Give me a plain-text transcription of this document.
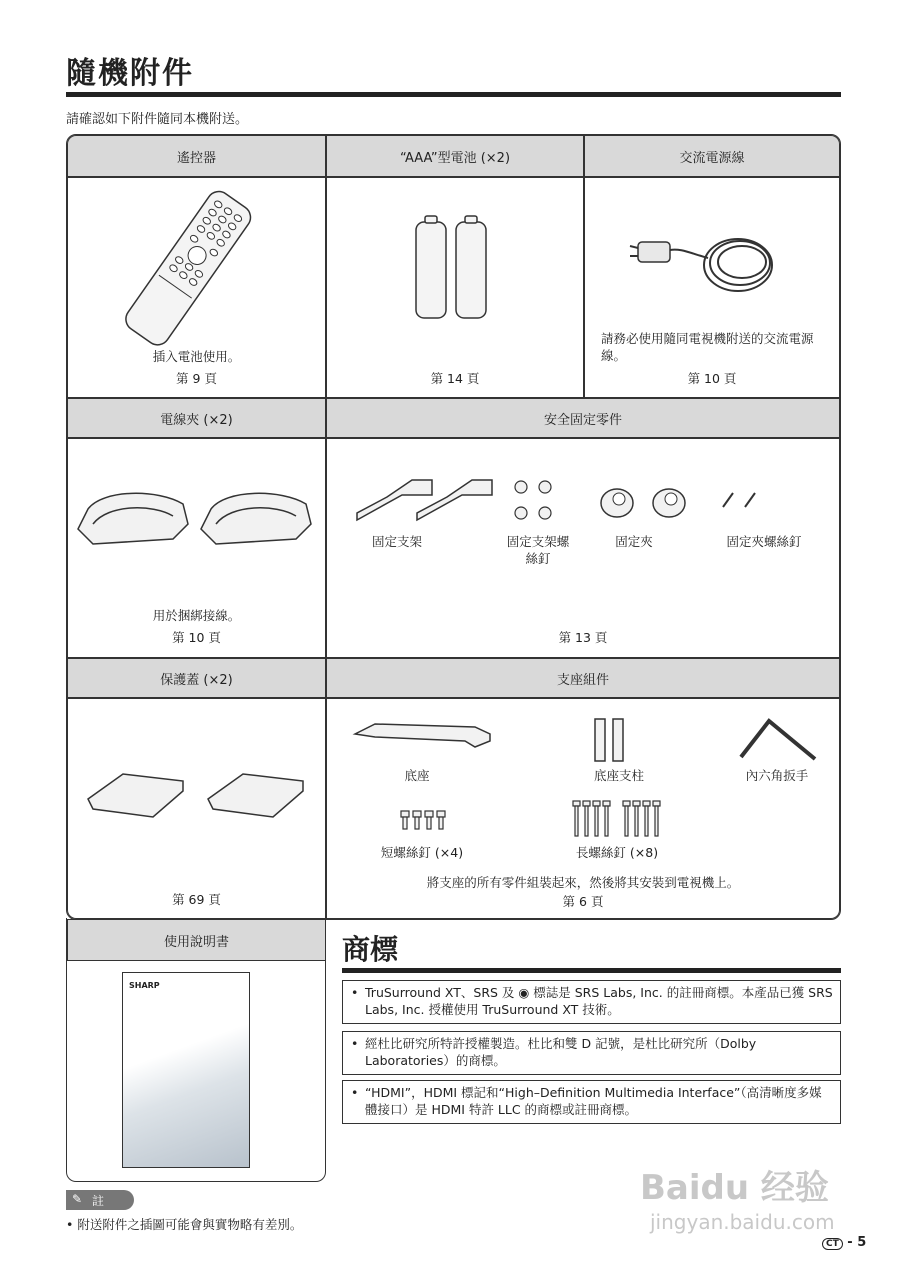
隨機附件
請確認如下附件隨同本機附送。
遙控器	“AAA”型電池 (×2)	交流電源線
插入電池使用。
第 9 頁	第 14 頁
請務必使用隨同電視機附送的交流電源線。
第 10 頁
電線夾 (×2)	安全固定零件
用於捆綁接線。
第 10 頁
固定支架	固定支架螺絲釘
固定夾	固定夾螺絲釘
第 13 頁
保護蓋 (×2)	支座組件
第 69 頁
底座	底座支柱	內六角扳手
短螺絲釘 (×4)	長螺絲釘 (×8)
將支座的所有零件組裝起來，然後將其安裝到電視機上。
第 6 頁
使用說明書
SHARP
商標
• TruSurround XT、SRS 及 ◉ 標誌是 SRS Labs, Inc. 的註冊商標。本產品已獲 SRS Labs, Inc. 授權使用 TruSurround XT 技術。
• 經杜比研究所特許授權製造。杜比和雙 D 記號，是杜比研究所（Dolby Laboratories）的商標。
• “HDMI”，HDMI 標記和“High–Definition Multimedia Interface”（高清晰度多媒體接口）是 HDMI 特許 LLC 的商標或註冊商標。
✎ 註
• 附送附件之插圖可能會與實物略有差別。
Baidu 经验
jingyan.baidu.com
CT - 5
